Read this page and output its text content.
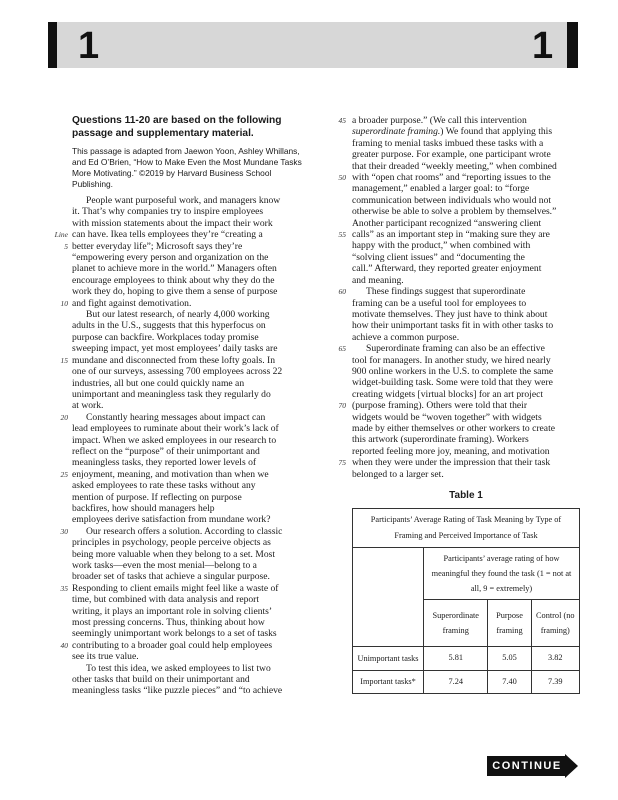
1	1

Questions 11-20 are based on the following passage and supplementary material.

This passage is adapted from Jaewon Yoon, Ashley Whillans,
and Ed O’Brien, “How to Make Even the Most Mundane Tasks
More Motivating.” ©2019 by Harvard Business School
Publishing.
People want purposeful work, and managers know
it. That’s why companies try to inspire employees
with mission statements about the impact their work
Line can have. Ikea tells employees they’re “creating a
5 better everyday life”; Microsoft says they’re
“empowering every person and organization on the
planet to achieve more in the world.” Managers often
encourage employees to think about why they do the
work they do, hoping to give them a sense of purpose
10 and fight against demotivation.
But our latest research, of nearly 4,000 working
adults in the U.S., suggests that this hyperfocus on
purpose can backfire. Workplaces today promise
sweeping impact, yet most employees’ daily tasks are
15 mundane and disconnected from these lofty goals. In
one of our surveys, assessing 700 employees across 22
industries, all but one could quickly name an
unimportant and meaningless task they regularly do
at work.
20 Constantly hearing messages about impact can
lead employees to ruminate about their work’s lack of
impact. When we asked employees in our research to
reflect on the “purpose” of their unimportant and
meaningless tasks, they reported lower levels of
25 enjoyment, meaning, and motivation than when we
asked employees to rate these tasks without any
mention of purpose. If reflecting on purpose
backfires, how should managers help
employees derive satisfaction from mundane work?
30 Our research offers a solution. According to classic
principles in psychology, people perceive objects as
being more valuable when they belong to a set. Most
work tasks—even the most menial—belong to a
broader set of tasks that achieve a singular purpose.
35 Responding to client emails might feel like a waste of
time, but combined with data analysis and report
writing, it plays an important role in solving clients’
most pressing concerns. Thus, thinking about how
seemingly unimportant work belongs to a set of tasks
40 contributing to a broader goal could help employees
see its true value.
To test this idea, we asked employees to list two
other tasks that build on their unimportant and
meaningless tasks “like puzzle pieces” and “to achieve
45 a broader purpose.” (We call this intervention
superordinate framing.) We found that applying this
framing to menial tasks imbued these tasks with a
greater purpose. For example, one participant wrote
that their dreaded “weekly meeting,” when combined
50 with “open chat rooms” and “reporting issues to the
management,” enabled a larger goal: to “forge
communication between individuals who would not
otherwise be able to solve a problem by themselves.”
Another participant recognized “answering client
55 calls” as an important step in “making sure they are
happy with the product,” when combined with
“solving client issues” and “documenting the
call.” Afterward, they reported greater enjoyment
and meaning.
60 These findings suggest that superordinate
framing can be a useful tool for employees to
motivate themselves. They just have to think about
how their unimportant tasks fit in with other tasks to
achieve a common purpose.
65 Superordinate framing can also be an effective
tool for managers. In another study, we hired nearly
900 online workers in the U.S. to complete the same
widget-building task. Some were told that they were
creating widgets [virtual blocks] for an art project
70 (purpose framing). Others were told that their
widgets would be “woven together” with widgets
made by either themselves or other workers to create
this artwork (superordinate framing). Workers
reported feeling more joy, meaning, and motivation
75 when they were under the impression that their task
belonged to a larger set.
Table 1
Participants’ Average Rating of Task Meaning by Type of Framing and Perceived Importance of Task			
	Participants’ average rating of how meaningful they found the task (1 = not at all, 9 = extremely)		
	Superordinate framing	Purpose framing	Control (no framing)
Unimportant tasks	5.81	5.05	3.82
Important tasks*	7.24	7.40	7.39
CONTINUE
